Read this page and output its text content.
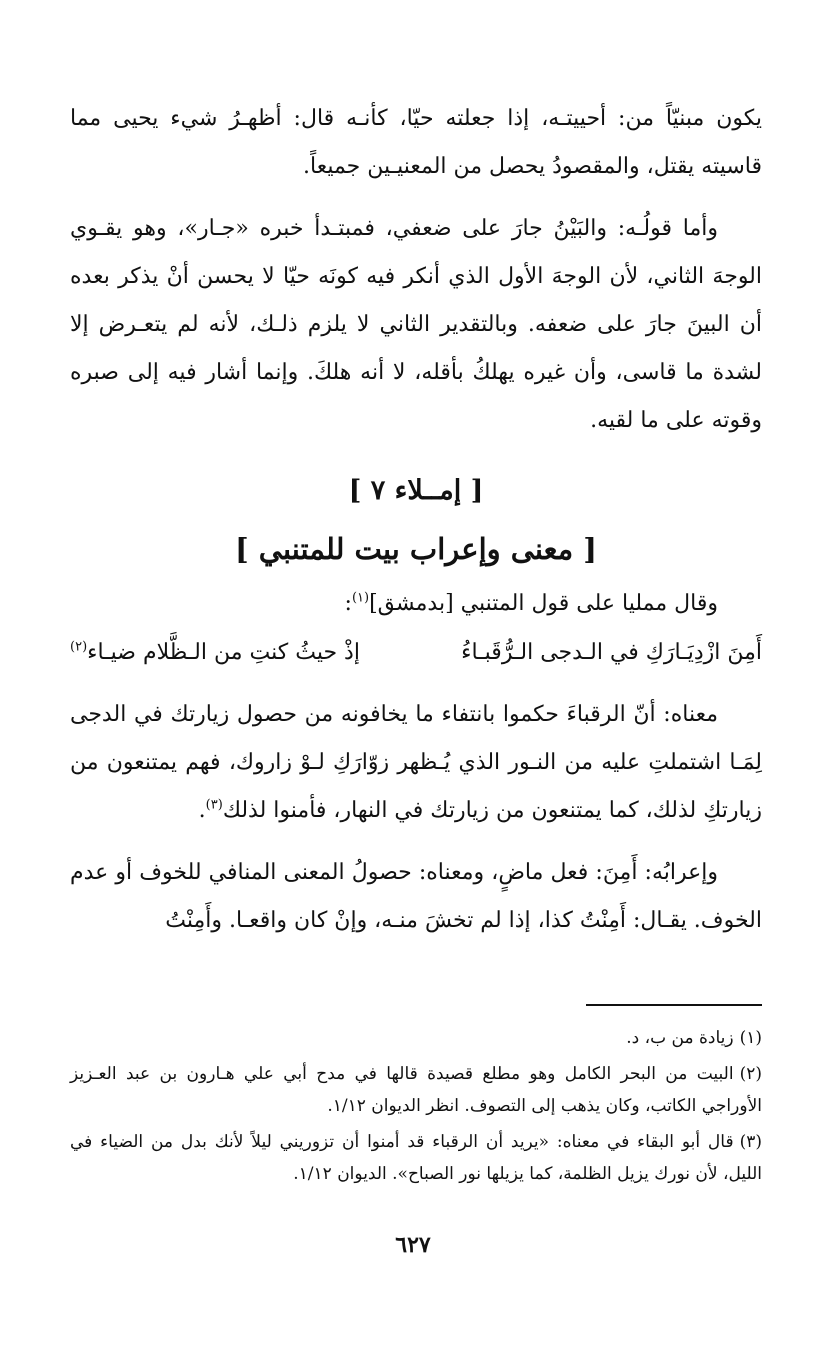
يكون مبنيّاً من: أحييتـه، إذا جعلته حيّا، كأنـه قال: أظهـرُ شيء يحيى مما قاسيته يقتل، والمقصودُ يحصل من المعنيـين جميعاً.

وأما قولُـه: والبَيْنُ جارَ على ضعفي، فمبتـدأ خبره «جـار»، وهو يقـوي الوجهَ الثاني، لأن الوجهَ الأول الذي أنكر فيه كونَه حيّا لا يحسن أنْ يذكر بعده أن البينَ جارَ على ضعفه. وبالتقدير الثاني لا يلزم ذلـك، لأنه لم يتعـرض إلا لشدة ما قاسى، وأن غيره يهلكُ بأقله، لا أنه هلكَ. وإنما أشار فيه إلى صبره وقوته على ما لقيه.

[ إمــلاء ٧ ]
[ معنى وإعراب بيت للمتنبي ]

وقال ممليا على قول المتنبي [بدمشق]$^{(١)}$:

أَمِنَ ازْدِيَـارَكِ في الـدجى الـرُّقَبـاءُ
إذْ حيثُ كنتِ من الـظَّلام ضيـاء$^{(٢)}$

معناه: أنّ الرقباءَ حكموا بانتفاء ما يخافونه من حصول زيارتك في الدجى لِمَـا اشتملتِ عليه من النـور الذي يُـظهر زوّارَكِ لـوْ زاروك، فهم يمتنعون من زيارتكِ لذلك، كما يمتنعون من زيارتك في النهار، فأمنوا لذلك$^{(٣)}$.

وإعرابُه: أَمِنَ: فعل ماضٍ، ومعناه: حصولُ المعنى المنافي للخوف أو عدم الخوف. يقـال: أَمِنْتُ كذا، إذا لم تخشَ منـه، وإنْ كان واقعـا. وأَمِنْتُ

(١)زيادة من ب، د.
(٢)البيت من البحر الكامل وهو مطلع قصيدة قالها في مدح أبي علي هـارون بن عبد العـزيز الأوراجي الكاتب، وكان يذهب إلى التصوف. انظر الديوان ١/١٢.
(٣)قال أبو البقاء في معناه: «يريد أن الرقباء قد أمنوا أن تزوريني ليلاً لأنك بدل من الضياء في الليل، لأن نورك يزيل الظلمة، كما يزيلها نور الصباح». الديوان ١/١٢.
٦٢٧
